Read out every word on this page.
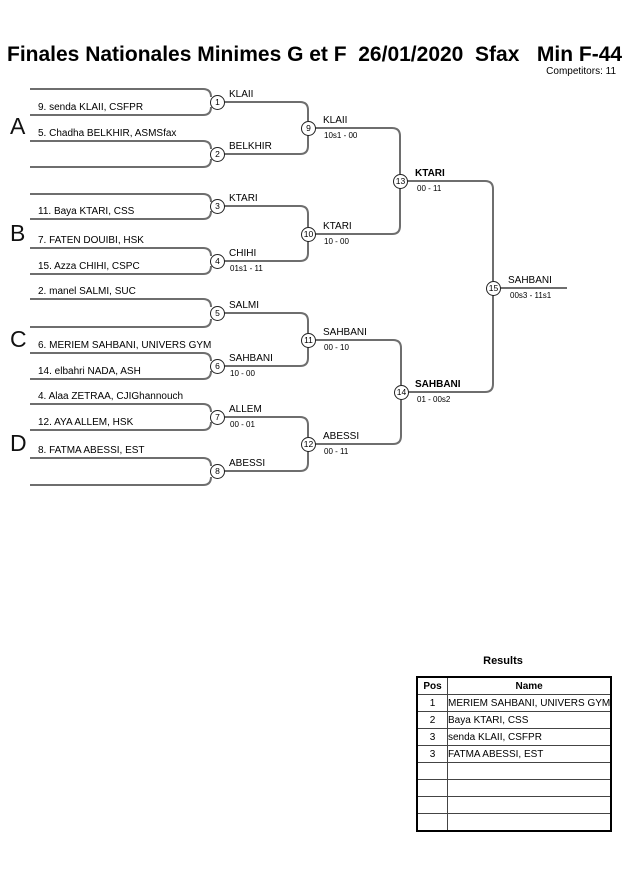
Finales Nationales Minimes G et F  26/01/2020  Sfax   Min F-44
Competitors: 11
A
B
C
D
9. senda KLAII, CSFPR
5. Chadha BELKHIR, ASMSfax
11. Baya KTARI, CSS
7. FATEN DOUIBI, HSK
15. Azza CHIHI, CSPC
2. manel SALMI, SUC
6. MERIEM SAHBANI, UNIVERS GYM
14. elbahri NADA, ASH
4. Alaa ZETRAA, CJIGhannouch
12. AYA ALLEM, HSK
8. FATMA ABESSI, EST
1
2
3
4
5
6
7
8
9
10
11
12
13
14
15
KLAII
BELKHIR
KTARI
CHIHI
01s1 - 11
SALMI
SAHBANI
10 - 00
ALLEM
00 - 01
ABESSI
KLAII
10s1 - 00
KTARI
10 - 00
SAHBANI
00 - 10
ABESSI
00 - 11
KTARI
00 - 11
SAHBANI
01 - 00s2
SAHBANI
00s3 - 11s1
Results
Pos	Name
1	MERIEM SAHBANI, UNIVERS GYM
2	Baya KTARI, CSS
3	senda KLAII, CSFPR
3	FATMA ABESSI, EST
